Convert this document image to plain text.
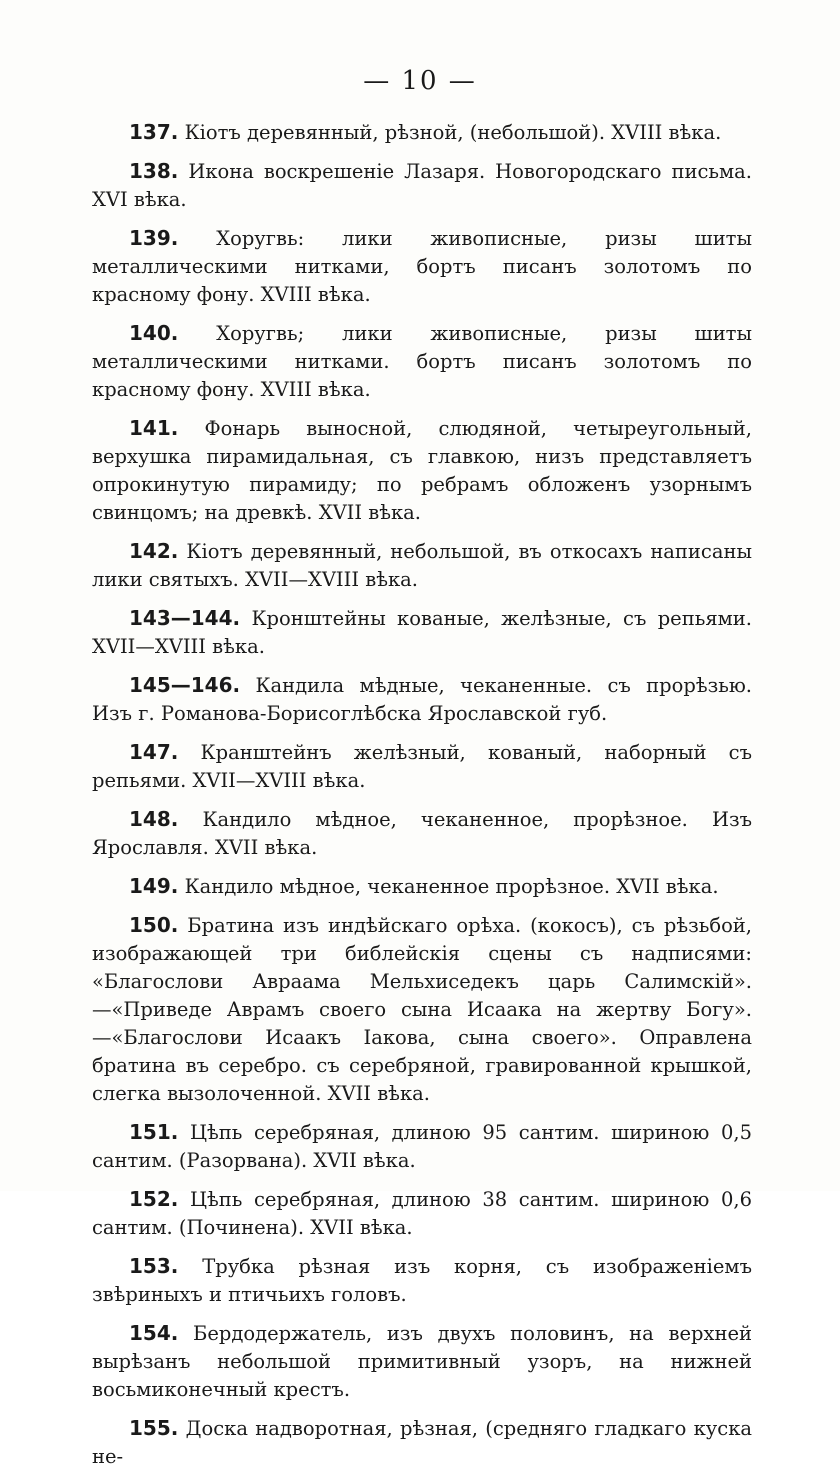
— 10 —

137. Кіотъ деревянный, рѣзной, (небольшой). XVIII вѣка.

138. Икона воскрешеніе Лазаря. Новогородскаго письма. XVI вѣка.

139. Хоругвь: лики живописные, ризы шиты металлическими нитками, бортъ писанъ золотомъ по красному фону. XVIII вѣка.

140. Хоругвь; лики живописные, ризы шиты металлическими нитками. бортъ писанъ золотомъ по красному фону. XVIII вѣка.

141. Фонарь выносной, слюдяной, четыреугольный, верхушка пирамидальная, съ главкою, низъ представляетъ опрокинутую пирамиду; по ребрамъ обложенъ узорнымъ свинцомъ; на древкѣ. XVII вѣка.

142. Кіотъ деревянный, небольшой, въ откосахъ написаны лики святыхъ. XVII—XVIII вѣка.

143—144. Кронштейны кованые, желѣзные, съ репьями. XVII—XVIII вѣка.

145—146. Кандила мѣдные, чеканенные. съ прорѣзью. Изъ г. Романова-Борисоглѣбска Ярославской губ.

147. Кранштейнъ желѣзный, кованый, наборный съ репьями. XVII—XVIII вѣка.

148. Кандило мѣдное, чеканенное, прорѣзное. Изъ Ярославля. XVII вѣка.

149. Кандило мѣдное, чеканенное прорѣзное. XVII вѣка.

150. Братина изъ индѣйскаго орѣха. (кокосъ), съ рѣзьбой, изображающей три библейскія сцены съ надписями: «Благослови Авраама Мельхиседекъ царь Салимскій».—«Приведе Аврамъ своего сына Исаака на жертву Богу».—«Благослови Исаакъ Іакова, сына своего». Оправлена братина въ серебро. съ серебряной, гравированной крышкой, слегка вызолоченной. XVII вѣка.

151. Цѣпь серебряная, длиною 95 сантим. шириною 0,5 сантим. (Разорвана). XVII вѣка.

152. Цѣпь серебряная, длиною 38 сантим. шириною 0,6 сантим. (Починена). XVII вѣка.

153. Трубка рѣзная изъ корня, съ изображеніемъ звѣриныхъ и птичьихъ головъ.

154. Бердодержатель, изъ двухъ половинъ, на верхней вырѣзанъ небольшой примитивный узоръ, на нижней восьмиконечный крестъ.

155. Доска надворотная, рѣзная, (средняго гладкаго куска не-
